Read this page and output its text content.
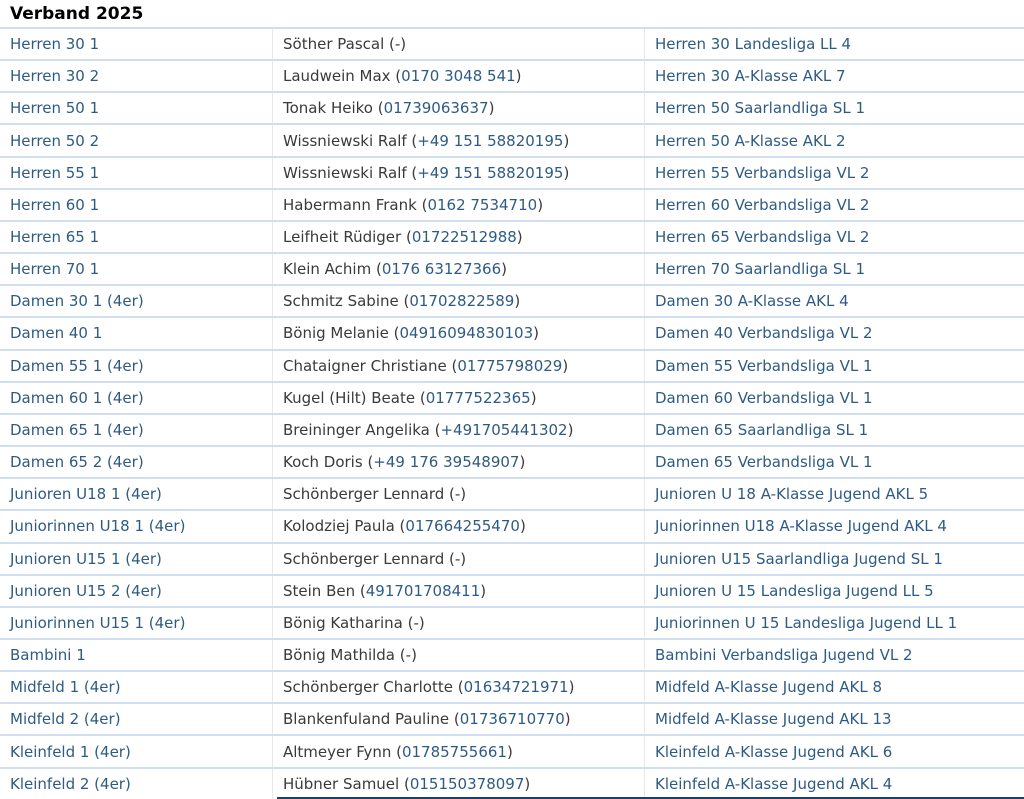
Verband 2025
Herren 30 1	Söther Pascal ( - )	Herren 30 Landesliga LL 4
Herren 30 2	Laudwein Max ( 0170 3048 541 )	Herren 30 A-Klasse AKL 7
Herren 50 1	Tonak Heiko ( 01739063637 )	Herren 50 Saarlandliga SL 1
Herren 50 2	Wissniewski Ralf ( +49 151 58820195 )	Herren 50 A-Klasse AKL 2
Herren 55 1	Wissniewski Ralf ( +49 151 58820195 )	Herren 55 Verbandsliga VL 2
Herren 60 1	Habermann Frank ( 0162 7534710 )	Herren 60 Verbandsliga VL 2
Herren 65 1	Leifheit Rüdiger ( 01722512988 )	Herren 65 Verbandsliga VL 2
Herren 70 1	Klein Achim ( 0176 63127366 )	Herren 70 Saarlandliga SL 1
Damen 30 1 (4er)	Schmitz Sabine ( 01702822589 )	Damen 30 A-Klasse AKL 4
Damen 40 1	Bönig Melanie ( 04916094830103 )	Damen 40 Verbandsliga VL 2
Damen 55 1 (4er)	Chataigner Christiane ( 01775798029 )	Damen 55 Verbandsliga VL 1
Damen 60 1 (4er)	Kugel (Hilt) Beate ( 01777522365 )	Damen 60 Verbandsliga VL 1
Damen 65 1 (4er)	Breininger Angelika ( +491705441302 )	Damen 65 Saarlandliga SL 1
Damen 65 2 (4er)	Koch Doris ( +49 176 39548907 )	Damen 65 Verbandsliga VL 1
Junioren U18 1 (4er)	Schönberger Lennard ( - )	Junioren U 18 A-Klasse Jugend AKL 5
Juniorinnen U18 1 (4er)	Kolodziej Paula ( 017664255470 )	Juniorinnen U18 A-Klasse Jugend AKL 4
Junioren U15 1 (4er)	Schönberger Lennard ( - )	Junioren U15 Saarlandliga Jugend SL 1
Junioren U15 2 (4er)	Stein Ben ( 491701708411 )	Junioren U 15 Landesliga Jugend LL 5
Juniorinnen U15 1 (4er)	Bönig Katharina ( - )	Juniorinnen U 15 Landesliga Jugend LL 1
Bambini 1	Bönig Mathilda ( - )	Bambini Verbandsliga Jugend VL 2
Midfeld 1 (4er)	Schönberger Charlotte ( 01634721971 )	Midfeld A-Klasse Jugend AKL 8
Midfeld 2 (4er)	Blankenfuland Pauline ( 01736710770 )	Midfeld A-Klasse Jugend AKL 13
Kleinfeld 1 (4er)	Altmeyer Fynn ( 01785755661 )	Kleinfeld A-Klasse Jugend AKL 6
Kleinfeld 2 (4er)	Hübner Samuel ( 015150378097 )	Kleinfeld A-Klasse Jugend AKL 4
